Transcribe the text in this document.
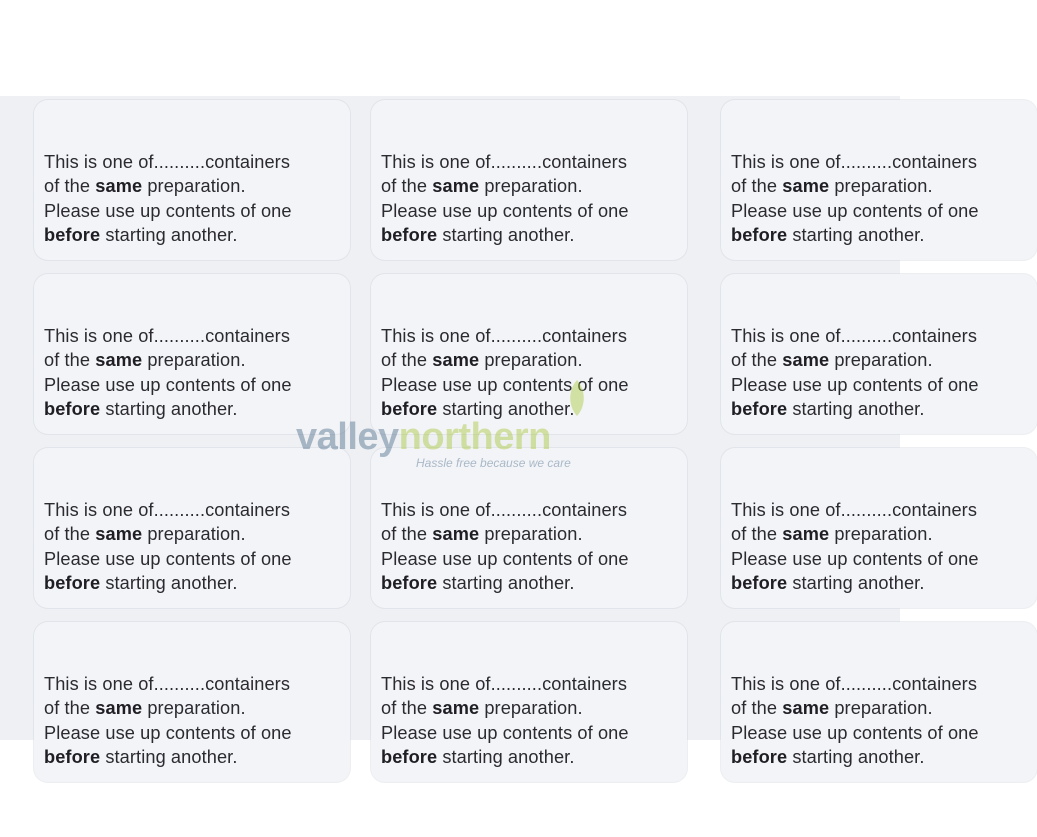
This is one of..........containers
of the same preparation.
Please use up contents of one
before starting another.
This is one of..........containers
of the same preparation.
Please use up contents of one
before starting another.
This is one of..........containers
of the same preparation.
Please use up contents of one
before starting another.
This is one of..........containers
of the same preparation.
Please use up contents of one
before starting another.
This is one of..........containers
of the same preparation.
Please use up contents of one
before starting another.
This is one of..........containers
of the same preparation.
Please use up contents of one
before starting another.
This is one of..........containers
of the same preparation.
Please use up contents of one
before starting another.
This is one of..........containers
of the same preparation.
Please use up contents of one
before starting another.
This is one of..........containers
of the same preparation.
Please use up contents of one
before starting another.
This is one of..........containers
of the same preparation.
Please use up contents of one
before starting another.
This is one of..........containers
of the same preparation.
Please use up contents of one
before starting another.
This is one of..........containers
of the same preparation.
Please use up contents of one
before starting another.
valleynorthern
Hassle free because we care
